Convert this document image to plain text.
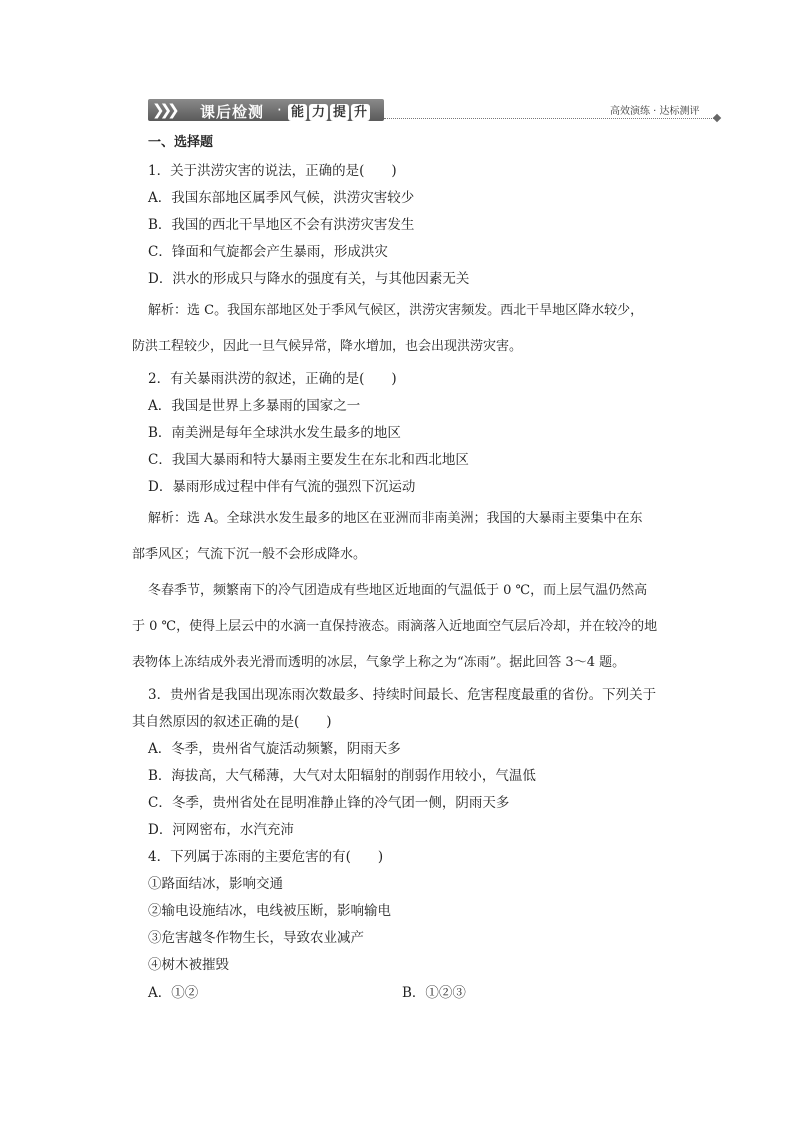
❯❯❯ 课后检测 · 能 力 提 升	高效演练 · 达标测评
一、选择题
1．关于洪涝灾害的说法，正确的是(　　)
A．我国东部地区属季风气候，洪涝灾害较少
B．我国的西北干旱地区不会有洪涝灾害发生
C．锋面和气旋都会产生暴雨，形成洪灾
D．洪水的形成只与降水的强度有关，与其他因素无关
解析：选 C。我国东部地区处于季风气候区，洪涝灾害频发。西北干旱地区降水较少，
防洪工程较少，因此一旦气候异常，降水增加，也会出现洪涝灾害。
2．有关暴雨洪涝的叙述，正确的是(　　)
A．我国是世界上多暴雨的国家之一
B．南美洲是每年全球洪水发生最多的地区
C．我国大暴雨和特大暴雨主要发生在东北和西北地区
D．暴雨形成过程中伴有气流的强烈下沉运动
解析：选 A。全球洪水发生最多的地区在亚洲而非南美洲；我国的大暴雨主要集中在东
部季风区；气流下沉一般不会形成降水。
冬春季节，频繁南下的冷气团造成有些地区近地面的气温低于 0 ℃，而上层气温仍然高
于 0 ℃，使得上层云中的水滴一直保持液态。雨滴落入近地面空气层后冷却，并在较冷的地
表物体上冻结成外表光滑而透明的冰层，气象学上称之为“冻雨”。据此回答 3～4 题。
3．贵州省是我国出现冻雨次数最多、持续时间最长、危害程度最重的省份。下列关于
其自然原因的叙述正确的是(　　)
A．冬季，贵州省气旋活动频繁，阴雨天多
B．海拔高，大气稀薄，大气对太阳辐射的削弱作用较小，气温低
C．冬季，贵州省处在昆明准静止锋的冷气团一侧，阴雨天多
D．河网密布，水汽充沛
4．下列属于冻雨的主要危害的有(　　)
①路面结冰，影响交通
②输电设施结冰，电线被压断，影响输电
③危害越冬作物生长，导致农业减产
④树木被摧毁
A．①②	B．①②③
